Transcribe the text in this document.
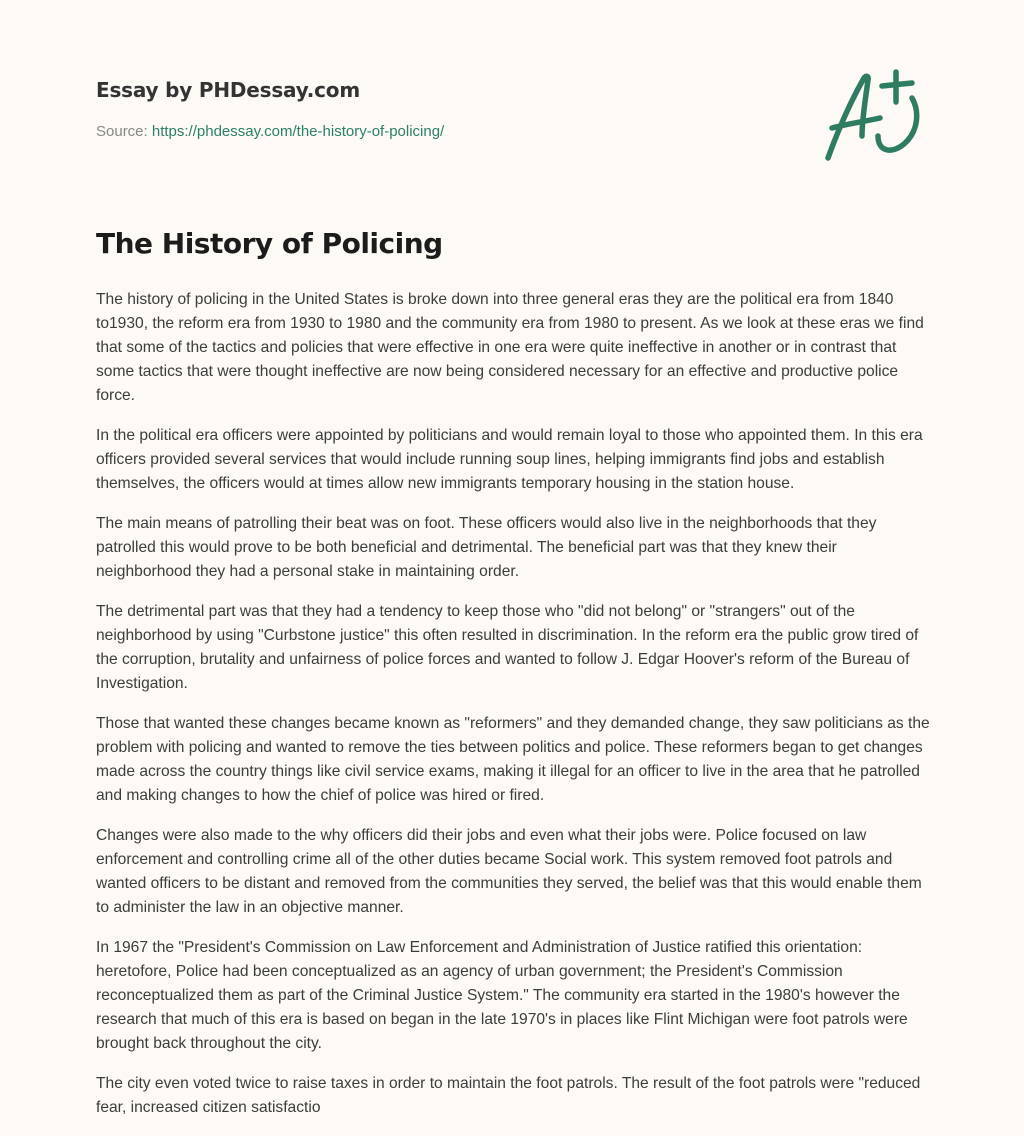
Essay by PHDessay.com
Source: https://phdessay.com/the-history-of-policing/
The History of Policing

The history of policing in the United States is broke down into three general eras they are the political era from 1840 to1930, the reform era from 1930 to 1980 and the community era from 1980 to present. As we look at these eras we find that some of the tactics and policies that were effective in one era were quite ineffective in another or in contrast that some tactics that were thought ineffective are now being considered necessary for an effective and productive police force.

In the political era officers were appointed by politicians and would remain loyal to those who appointed them. In this era officers provided several services that would include running soup lines, helping immigrants find jobs and establish themselves, the officers would at times allow new immigrants temporary housing in the station house.

The main means of patrolling their beat was on foot. These officers would also live in the neighborhoods that they patrolled this would prove to be both beneficial and detrimental. The beneficial part was that they knew their neighborhood they had a personal stake in maintaining order.

The detrimental part was that they had a tendency to keep those who "did not belong" or "strangers" out of the neighborhood by using "Curbstone justice" this often resulted in discrimination. In the reform era the public grow tired of the corruption, brutality and unfairness of police forces and wanted to follow J. Edgar Hoover's reform of the Bureau of Investigation.

Those that wanted these changes became known as "reformers" and they demanded change, they saw politicians as the problem with policing and wanted to remove the ties between politics and police. These reformers began to get changes made across the country things like civil service exams, making it illegal for an officer to live in the area that he patrolled and making changes to how the chief of police was hired or fired.

Changes were also made to the why officers did their jobs and even what their jobs were. Police focused on law enforcement and controlling crime all of the other duties became Social work. This system removed foot patrols and wanted officers to be distant and removed from the communities they served, the belief was that this would enable them to administer the law in an objective manner.

In 1967 the "President's Commission on Law Enforcement and Administration of Justice ratified this orientation: heretofore, Police had been conceptualized as an agency of urban government; the President's Commission reconceptualized them as part of the Criminal Justice System." The community era started in the 1980's however the research that much of this era is based on began in the late 1970's in places like Flint Michigan were foot patrols were brought back throughout the city.

The city even voted twice to raise taxes in order to maintain the foot patrols. The result of the foot patrols were "reduced fear, increased citizen satisfactio
